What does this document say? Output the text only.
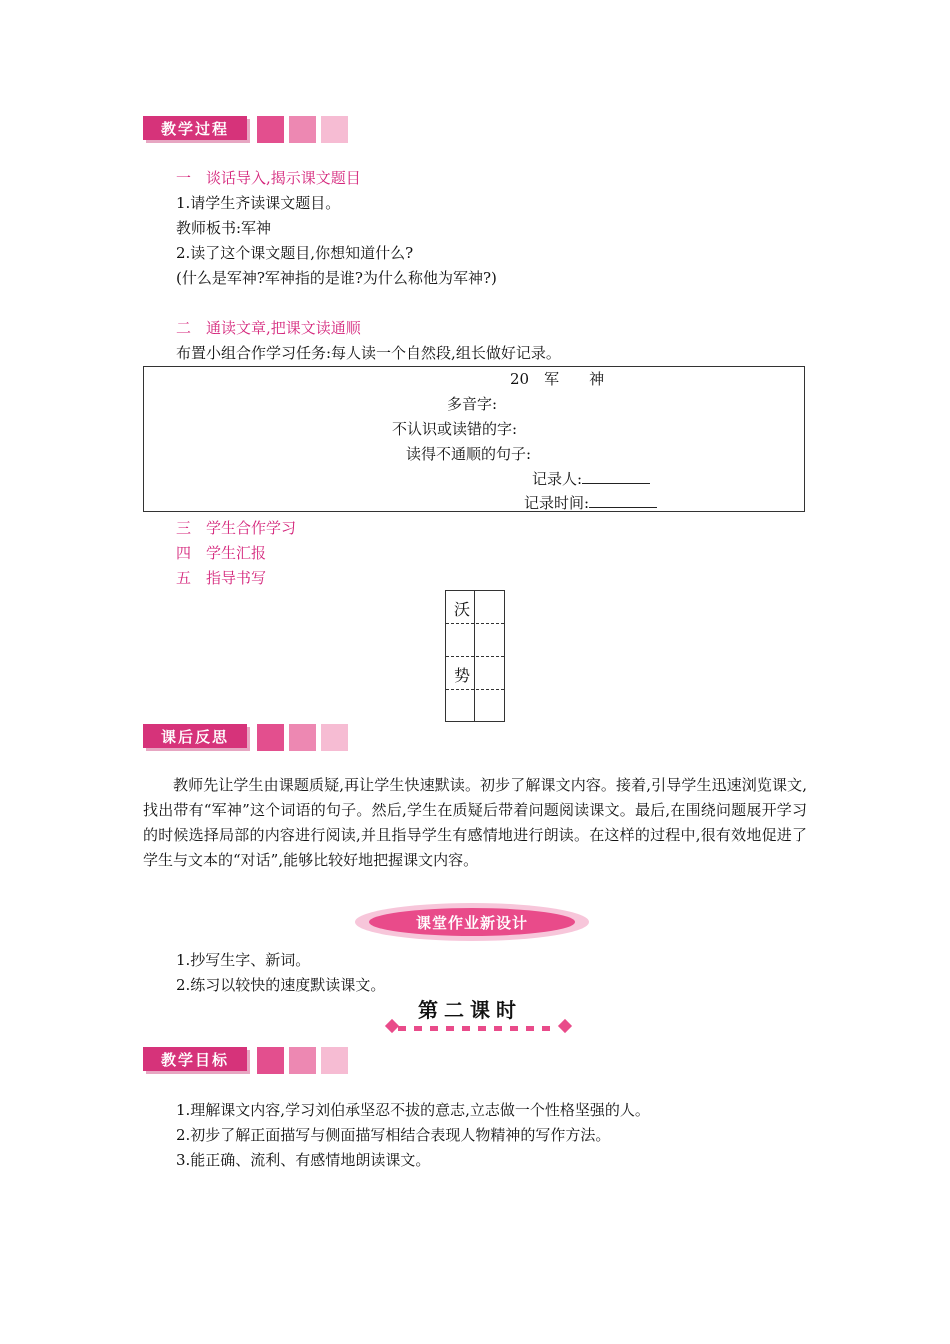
教学过程
一　谈话导入,揭示课文题目
1.请学生齐读课文题目。
教师板书:军神
2.读了这个课文题目,你想知道什么?
(什么是军神?军神指的是谁?为什么称他为军神?)
二　通读文章,把课文读通顺
布置小组合作学习任务:每人读一个自然段,组长做好记录。
20　军　　神
多音字:
不认识或读错的字:
读得不通顺的句子:
记录人:
记录时间:
三　学生合作学习
四　学生汇报
五　指导书写
沃
势
课后反思
教师先让学生由课题质疑,再让学生快速默读。初步了解课文内容。接着,引导学生迅速浏览课文,找出带有“军神”这个词语的句子。然后,学生在质疑后带着问题阅读课文。最后,在围绕问题展开学习的时候选择局部的内容进行阅读,并且指导学生有感情地进行朗读。在这样的过程中,很有效地促进了学生与文本的“对话”,能够比较好地把握课文内容。
课堂作业新设计
1.抄写生字、新词。
2.练习以较快的速度默读课文。
第二课时
教学目标
1.理解课文内容,学习刘伯承坚忍不拔的意志,立志做一个性格坚强的人。
2.初步了解正面描写与侧面描写相结合表现人物精神的写作方法。
3.能正确、流利、有感情地朗读课文。
